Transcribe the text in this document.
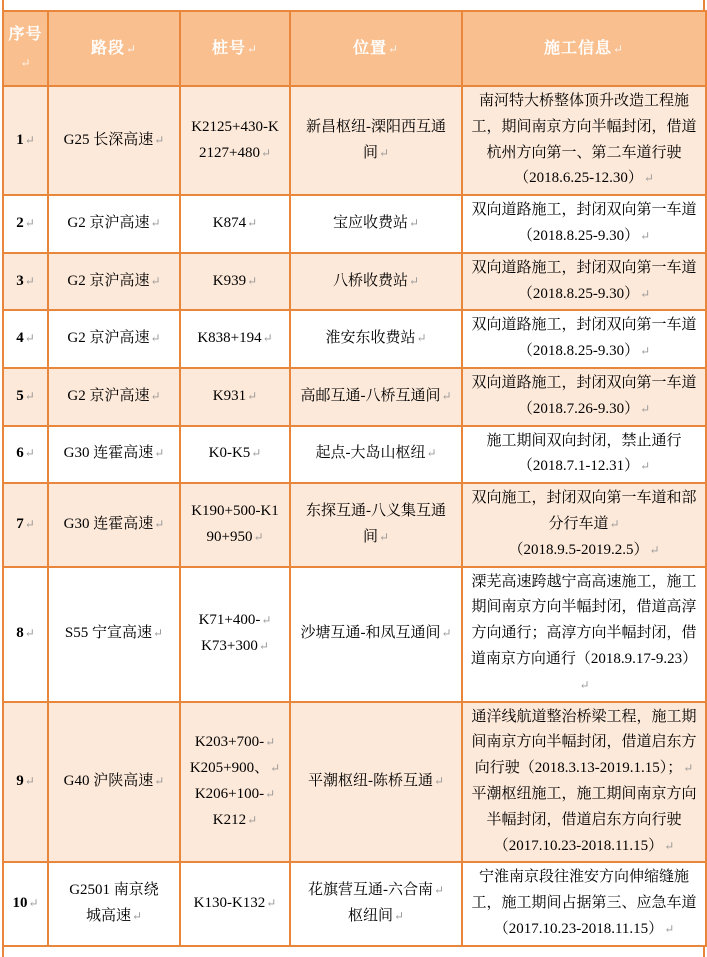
序号↵	路段↵	桩号↵	位置↵	施工信息↵
1↵	G25 长深高速↵	K2125+430-K
2127+480↵	新昌枢纽-溧阳西互通
间↵	南河特大桥整体顶升改造工程施工，期间南京方向半幅封闭，借道杭州方向第一、第二车道行驶（2018.6.25-12.30）↵
2↵	G2 京沪高速↵	K874↵	宝应收费站↵	双向道路施工，封闭双向第一车道（2018.8.25-9.30）↵
3↵	G2 京沪高速↵	K939↵	八桥收费站↵	双向道路施工，封闭双向第一车道（2018.8.25-9.30）↵
4↵	G2 京沪高速↵	K838+194↵	淮安东收费站↵	双向道路施工，封闭双向第一车道（2018.8.25-9.30）↵
5↵	G2 京沪高速↵	K931↵	高邮互通-八桥互通间↵	双向道路施工，封闭双向第一车道（2018.7.26-9.30）↵
6↵	G30 连霍高速↵	K0-K5↵	起点-大岛山枢纽↵	施工期间双向封闭，禁止通行（2018.7.1-12.31）↵
7↵	G30 连霍高速↵	K190+500-K1
90+950↵	东探互通-八义集互通
间↵	双向施工，封闭双向第一车道和部分行车道↵
（2018.9.5-2019.2.5）↵
8↵	S55 宁宣高速↵	K71+400-↵
K73+300↵	沙塘互通-和凤互通间↵	溧芜高速跨越宁高高速施工，施工期间南京方向半幅封闭，借道高淳方向通行；高淳方向半幅封闭，借道南京方向通行（2018.9.17-9.23）↵
9↵	G40 沪陕高速↵	K203+700-↵
K205+900、↵
K206+100-↵
K212↵	平潮枢纽-陈桥互通↵	通洋线航道整治桥梁工程，施工期间南京方向半幅封闭，借道启东方向行驶（2018.3.13-2019.1.15）；↵
平潮枢纽施工，施工期间南京方向半幅封闭，借道启东方向行驶（2017.10.23-2018.11.15）↵
10↵	G2501 南京绕
城高速↵	K130-K132↵	花旗营互通-六合南↵
枢纽间↵	宁淮南京段往淮安方向伸缩缝施工，施工期间占据第三、应急车道（2017.10.23-2018.11.15）↵
